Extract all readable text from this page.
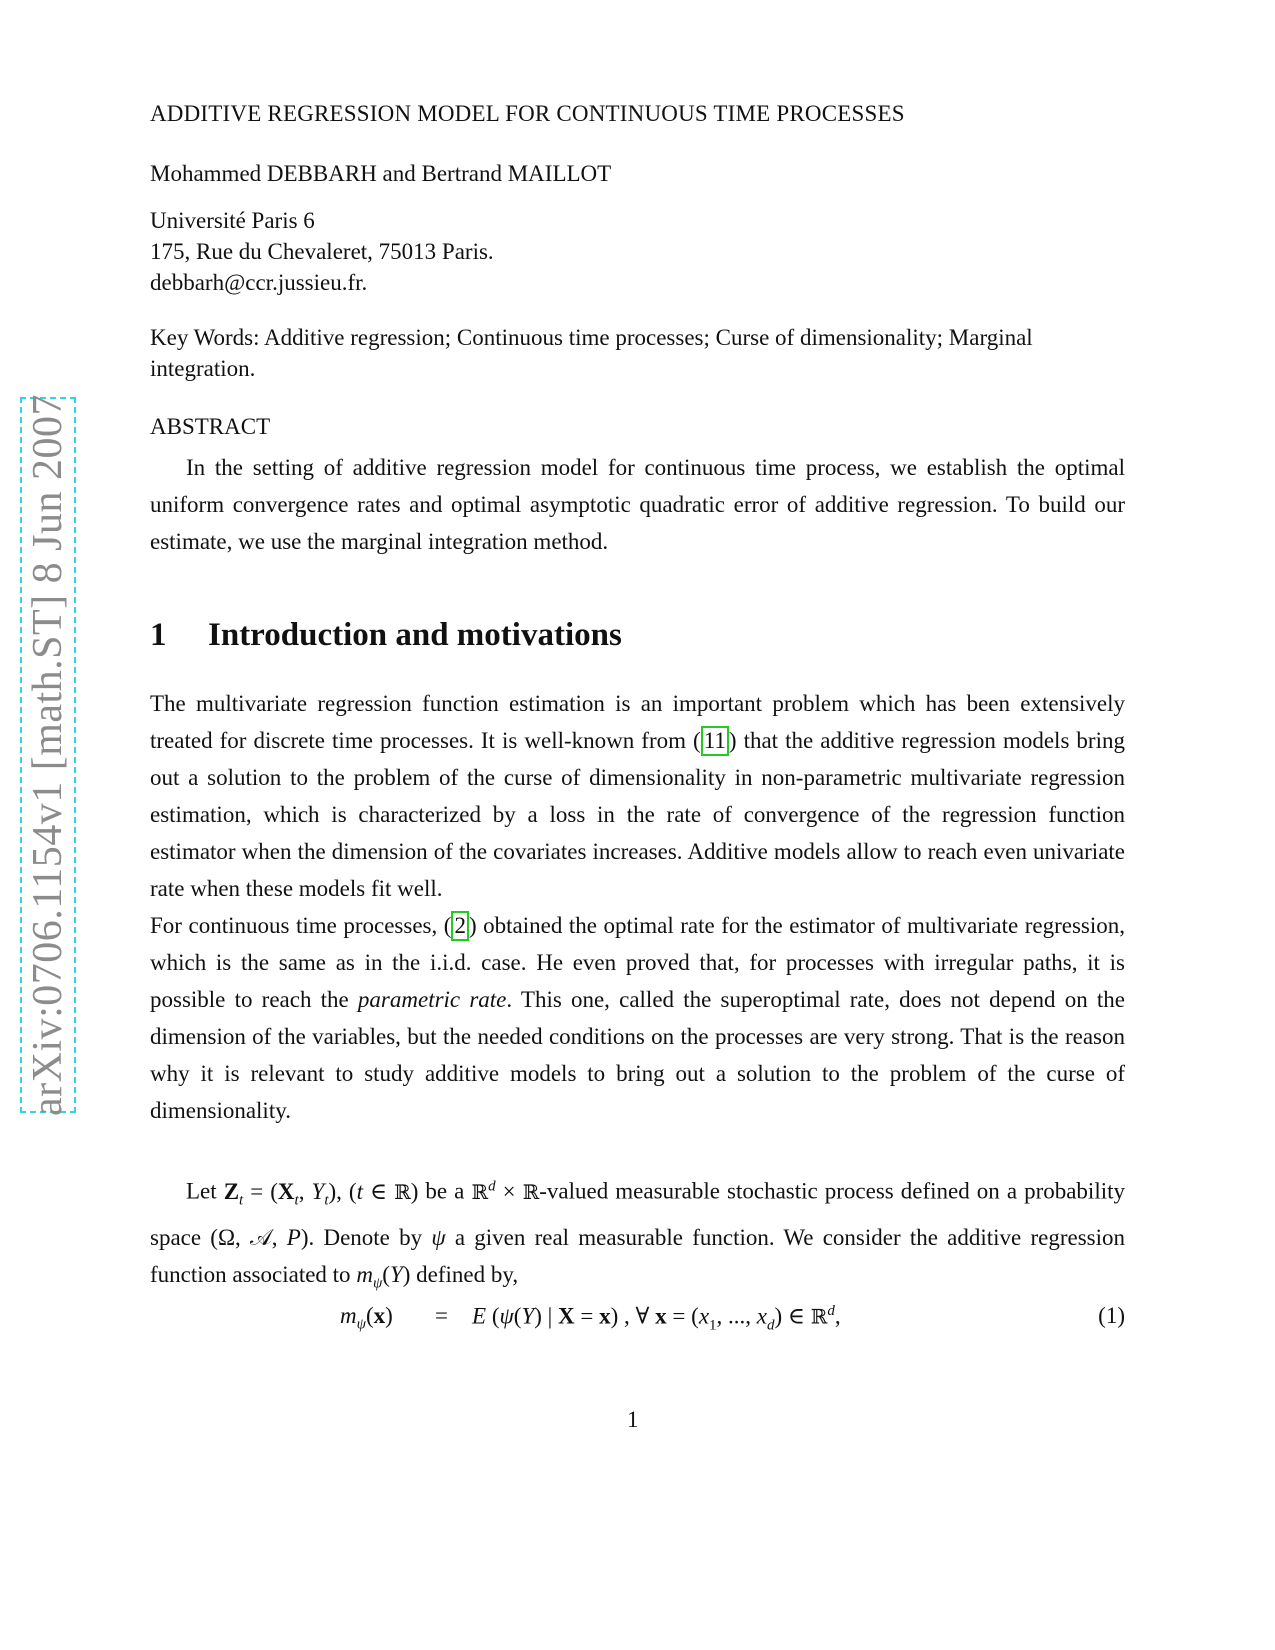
arXiv:0706.1154v1 [math.ST] 8 Jun 2007
ADDITIVE REGRESSION MODEL FOR CONTINUOUS TIME PROCESSES
Mohammed DEBBARH and Bertrand MAILLOT
Université Paris 6
175, Rue du Chevaleret, 75013 Paris.
debbarh@ccr.jussieu.fr.
Key Words: Additive regression; Continuous time processes; Curse of dimensionality; Marginal integration.
ABSTRACT
In the setting of additive regression model for continuous time process, we establish the optimal uniform convergence rates and optimal asymptotic quadratic error of additive regression. To build our estimate, we use the marginal integration method.
1 Introduction and motivations
The multivariate regression function estimation is an important problem which has been extensively treated for discrete time processes. It is well-known from ( 11 ) that the additive regression models bring out a solution to the problem of the curse of dimensionality in non-parametric multivariate regression estimation, which is characterized by a loss in the rate of convergence of the regression function estimator when the dimension of the covariates increases. Additive models allow to reach even univariate rate when these models fit well.
For continuous time processes, ( 2 ) obtained the optimal rate for the estimator of multivariate regression, which is the same as in the i.i.d. case. He even proved that, for processes with irregular paths, it is possible to reach the parametric rate. This one, called the superoptimal rate, does not depend on the dimension of the variables, but the needed conditions on the processes are very strong. That is the reason why it is relevant to study additive models to bring out a solution to the problem of the curse of dimensionality.
Let $Z_t = (X_t$, $Y_t$), (t ∈ ℝ) be a ℝ$^d$ × ℝ-valued measurable stochastic process defined on a probability space (Ω, 𝒜, P). Denote by ψ a given real measurable function. We consider the additive regression function associated to $m_\psi(Y)$ defined by,
$m_\psi(x) = E$ (ψ(Y) | X = x) , ∀ $x = (x_1$, ..., $x_d$) ∈ ℝ$^d$,	(1)
1
